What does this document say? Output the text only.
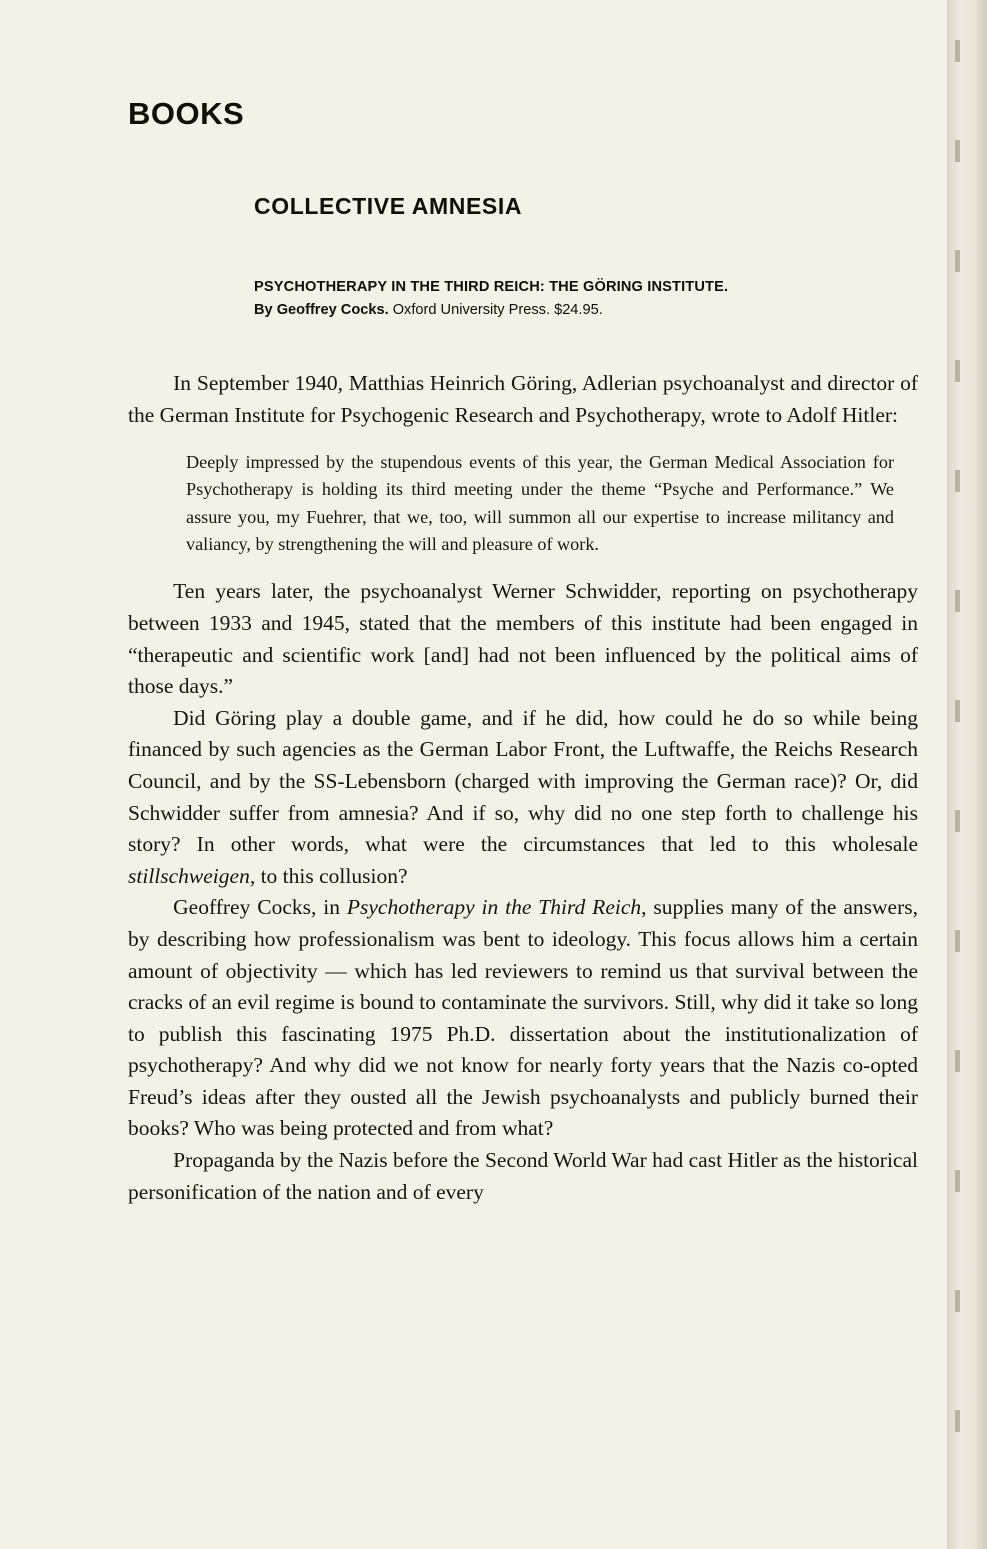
BOOKS
COLLECTIVE AMNESIA
PSYCHOTHERAPY IN THE THIRD REICH: THE GÖRING INSTITUTE.
By Geoffrey Cocks. Oxford University Press. $24.95.

In September 1940, Matthias Heinrich Göring, Adlerian psychoanalyst and director of the German Institute for Psychogenic Research and Psychotherapy, wrote to Adolf Hitler:

Deeply impressed by the stupendous events of this year, the German Medical Association for Psychotherapy is holding its third meeting under the theme “Psyche and Performance.” We assure you, my Fuehrer, that we, too, will summon all our expertise to increase militancy and valiancy, by strengthening the will and pleasure of work.

Ten years later, the psychoanalyst Werner Schwidder, reporting on psychotherapy between 1933 and 1945, stated that the members of this institute had been engaged in “therapeutic and scientific work [and] had not been influenced by the political aims of those days.”

Did Göring play a double game, and if he did, how could he do so while being financed by such agencies as the German Labor Front, the Luftwaffe, the Reichs Research Council, and by the SS-Lebensborn (charged with improving the German race)? Or, did Schwidder suffer from amnesia? And if so, why did no one step forth to challenge his story? In other words, what were the circumstances that led to this wholesale stillschweigen, to this collusion?

Geoffrey Cocks, in Psychotherapy in the Third Reich, supplies many of the answers, by describing how professionalism was bent to ideology. This focus allows him a certain amount of objectivity — which has led reviewers to remind us that survival between the cracks of an evil regime is bound to contaminate the survivors. Still, why did it take so long to publish this fascinating 1975 Ph.D. dissertation about the institutionalization of psychotherapy? And why did we not know for nearly forty years that the Nazis co-opted Freud’s ideas after they ousted all the Jewish psychoanalysts and publicly burned their books? Who was being protected and from what?

Propaganda by the Nazis before the Second World War had cast Hitler as the historical personification of the nation and of every
